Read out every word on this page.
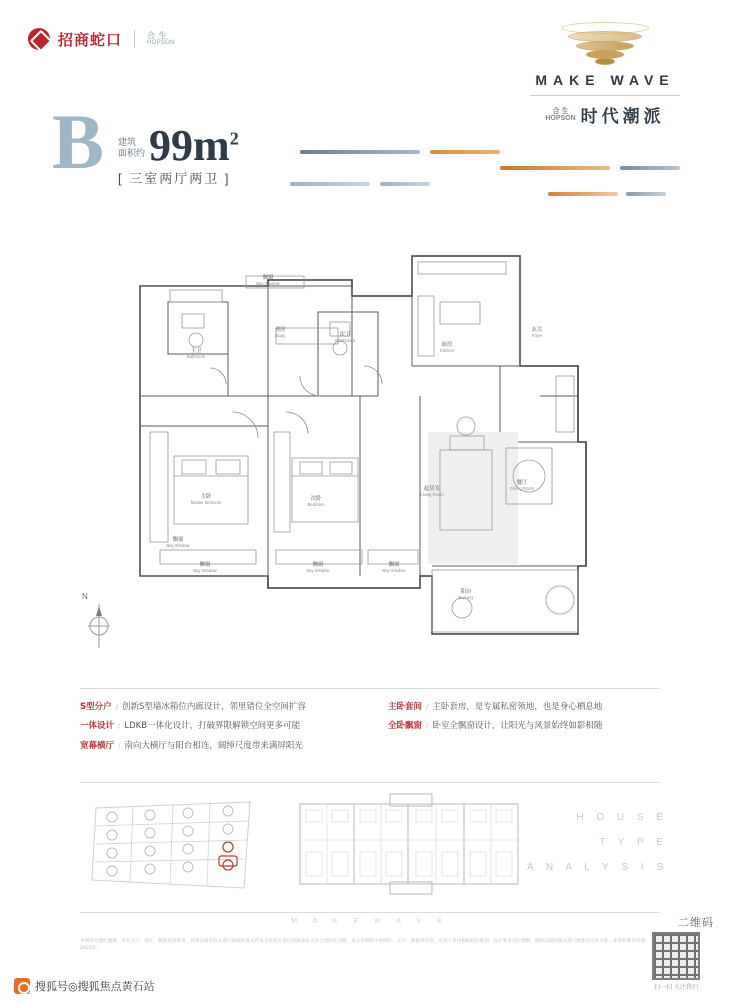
招商蛇口	合 生
HOPSON
MAKE WAVE
合 生
HOPSON 时代潮派
B 建筑
面积约 $99m^2$
[ 三室两厅两卫 ]
飘窗
Bay Window
飘窗
Bay Window
书房
Study	次卫
Washroom
主卫
Bathroom
厨房
Kitchen
玄关
Foyer
主卧
Master bedroom
次卧
Bedroom
起居室
Living Room
餐厅
Dining Room
阳台
Balcony
飘窗
Bay Window
飘窗
Bay Window
飘窗
Bay Window
N
S型分户 / 创新S型墙冰箱位内廊设计，邻里错位全空间扩容
一体设计 / LDKB一体化设计，打破界限解锁空间更多可能
宽幕横厅 / 南向大横厅与阳台相连，阔绰尺度带来满屏阳光
主卧套间 / 主卧套房，是专属私密领地，也是身心栖息地
全卧飘窗 / 卧室全飘窗设计，让阳光与风景始终如影相随
H O U S E
T Y P E
A N A L Y S I S
M A K E W A V E
本资料为要约邀请，所有文字、图片、数据仅供参考，具体以政府有关部门最终批准文件及买卖双方签订的商品房买卖合同约定为准。本宣传资料中的图片、文字、数据等内容，出卖人有权根据政府规划、设计要求进行调整，最终以政府相关部门批准的文件为准。本资料制作时间：2023年。
二维码
扫一扫 关注我们
搜狐号◎搜狐焦点黄石站
